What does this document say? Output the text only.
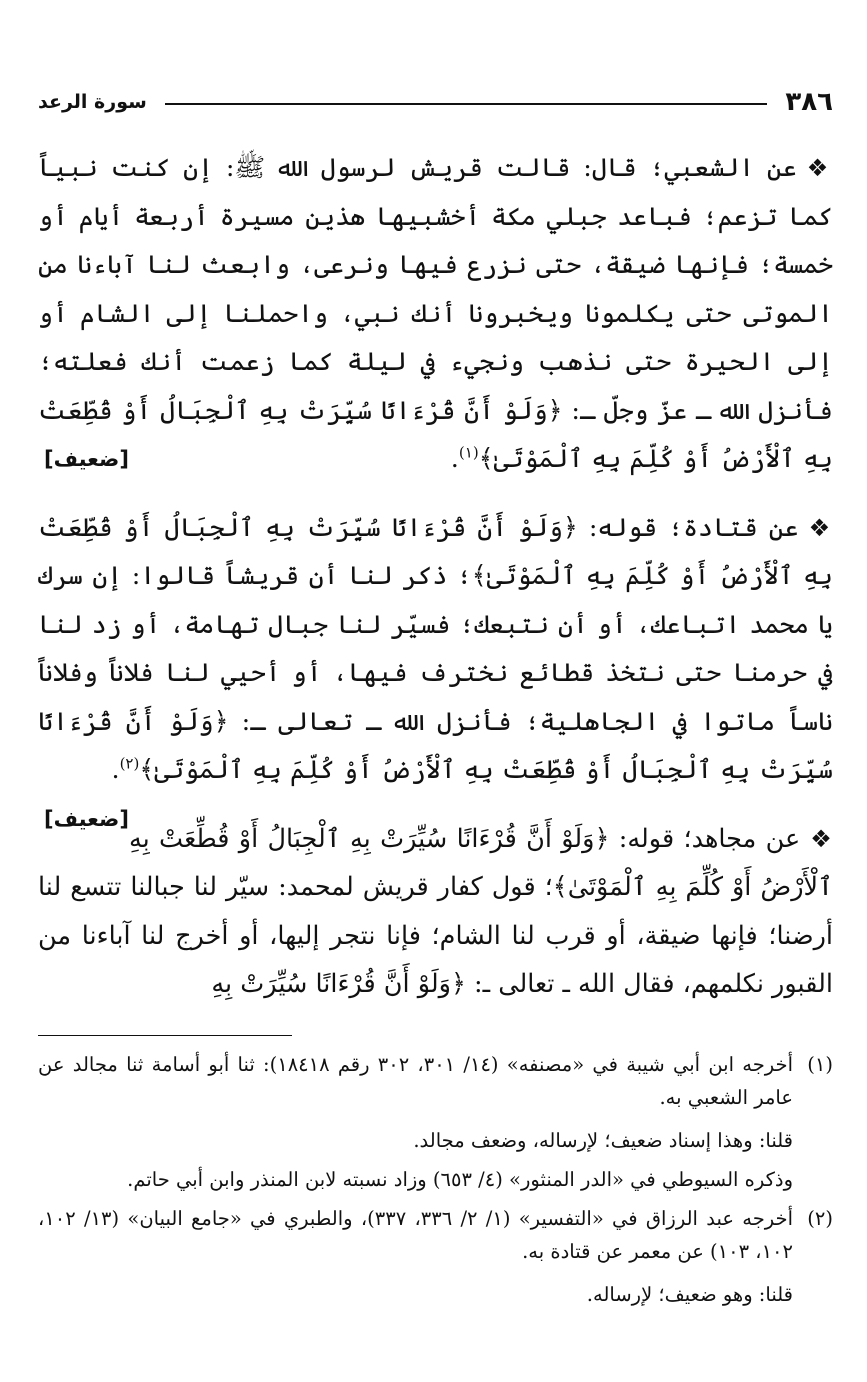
٣٨٦
سورة الرعد

❖عن الشعبي؛ قال: قالت قريش لرسول الله ﷺ: إن كنت نبياً كما تزعم؛ فباعد جبلي مكة أخشبيها هذين مسيرة أربعة أيام أو خمسة؛ فإنها ضيقة، حتى نزرع فيها ونرعى، وابعث لنا آباءنا من الموتى حتى يكلمونا ويخبرونا أنك نبي، واحملنا إلى الشام أو إلى الحيرة حتى نذهب ونجيء في ليلة كما زعمت أنك فعلته؛ فأنزل الله ـ عزّ وجلّ ـ: ﴿وَلَوْ أَنَّ قُرْءَانًا سُيِّرَتْ بِهِ ٱلْجِبَالُ أَوْ قُطِّعَتْ بِهِ ٱلْأَرْضُ أَوْ كُلِّمَ بِهِ ٱلْمَوْتَىٰ﴾$^{(١)}$.
[ضعيف]

❖عن قتادة؛ قوله: ﴿وَلَوْ أَنَّ قُرْءَانًا سُيِّرَتْ بِهِ ٱلْجِبَالُ أَوْ قُطِّعَتْ بِهِ ٱلْأَرْضُ أَوْ كُلِّمَ بِهِ ٱلْمَوْتَىٰ﴾؛ ذكر لنا أن قريشاً قالوا: إن سرك يا محمد اتباعك، أو أن نتبعك؛ فسيّر لنا جبال تهامة، أو زد لنا في حرمنا حتى نتخذ قطائع نخترف فيها، أو أحيي لنا فلاناً وفلاناً ناساً ماتوا في الجاهلية؛ فأنزل الله ـ تعالى ـ: ﴿وَلَوْ أَنَّ قُرْءَانًا سُيِّرَتْ بِهِ ٱلْجِبَالُ أَوْ قُطِّعَتْ بِهِ ٱلْأَرْضُ أَوْ كُلِّمَ بِهِ ٱلْمَوْتَىٰ﴾$^{(٢)}$.
[ضعيف]

❖عن مجاهد؛ قوله: ﴿وَلَوْ أَنَّ قُرْءَانًا سُيِّرَتْ بِهِ ٱلْجِبَالُ أَوْ قُطِّعَتْ بِهِ ٱلْأَرْضُ أَوْ كُلِّمَ بِهِ ٱلْمَوْتَىٰ﴾؛ قول كفار قريش لمحمد: سيّر لنا جبالنا تتسع لنا أرضنا؛ فإنها ضيقة، أو قرب لنا الشام؛ فإنا نتجر إليها، أو أخرج لنا آباءنا من القبور نكلمهم، فقال الله ـ تعالى ـ: ﴿وَلَوْ أَنَّ قُرْءَانًا سُيِّرَتْ بِهِ

(١)

أخرجه ابن أبي شيبة في «مصنفه» (١٤/ ٣٠١، ٣٠٢ رقم ١٨٤١٨): ثنا أبو أسامة ثنا مجالد عن عامر الشعبي به.

قلنا: وهذا إسناد ضعيف؛ لإرساله، وضعف مجالد.

وذكره السيوطي في «الدر المنثور» (٤/ ٦٥٣) وزاد نسبته لابن المنذر وابن أبي حاتم.

(٢)

أخرجه عبد الرزاق في «التفسير» (١/ ٢/ ٣٣٦، ٣٣٧)، والطبري في «جامع البيان» (١٣/ ١٠٢، ١٠٢، ١٠٣) عن معمر عن قتادة به.

قلنا: وهو ضعيف؛ لإرساله.
